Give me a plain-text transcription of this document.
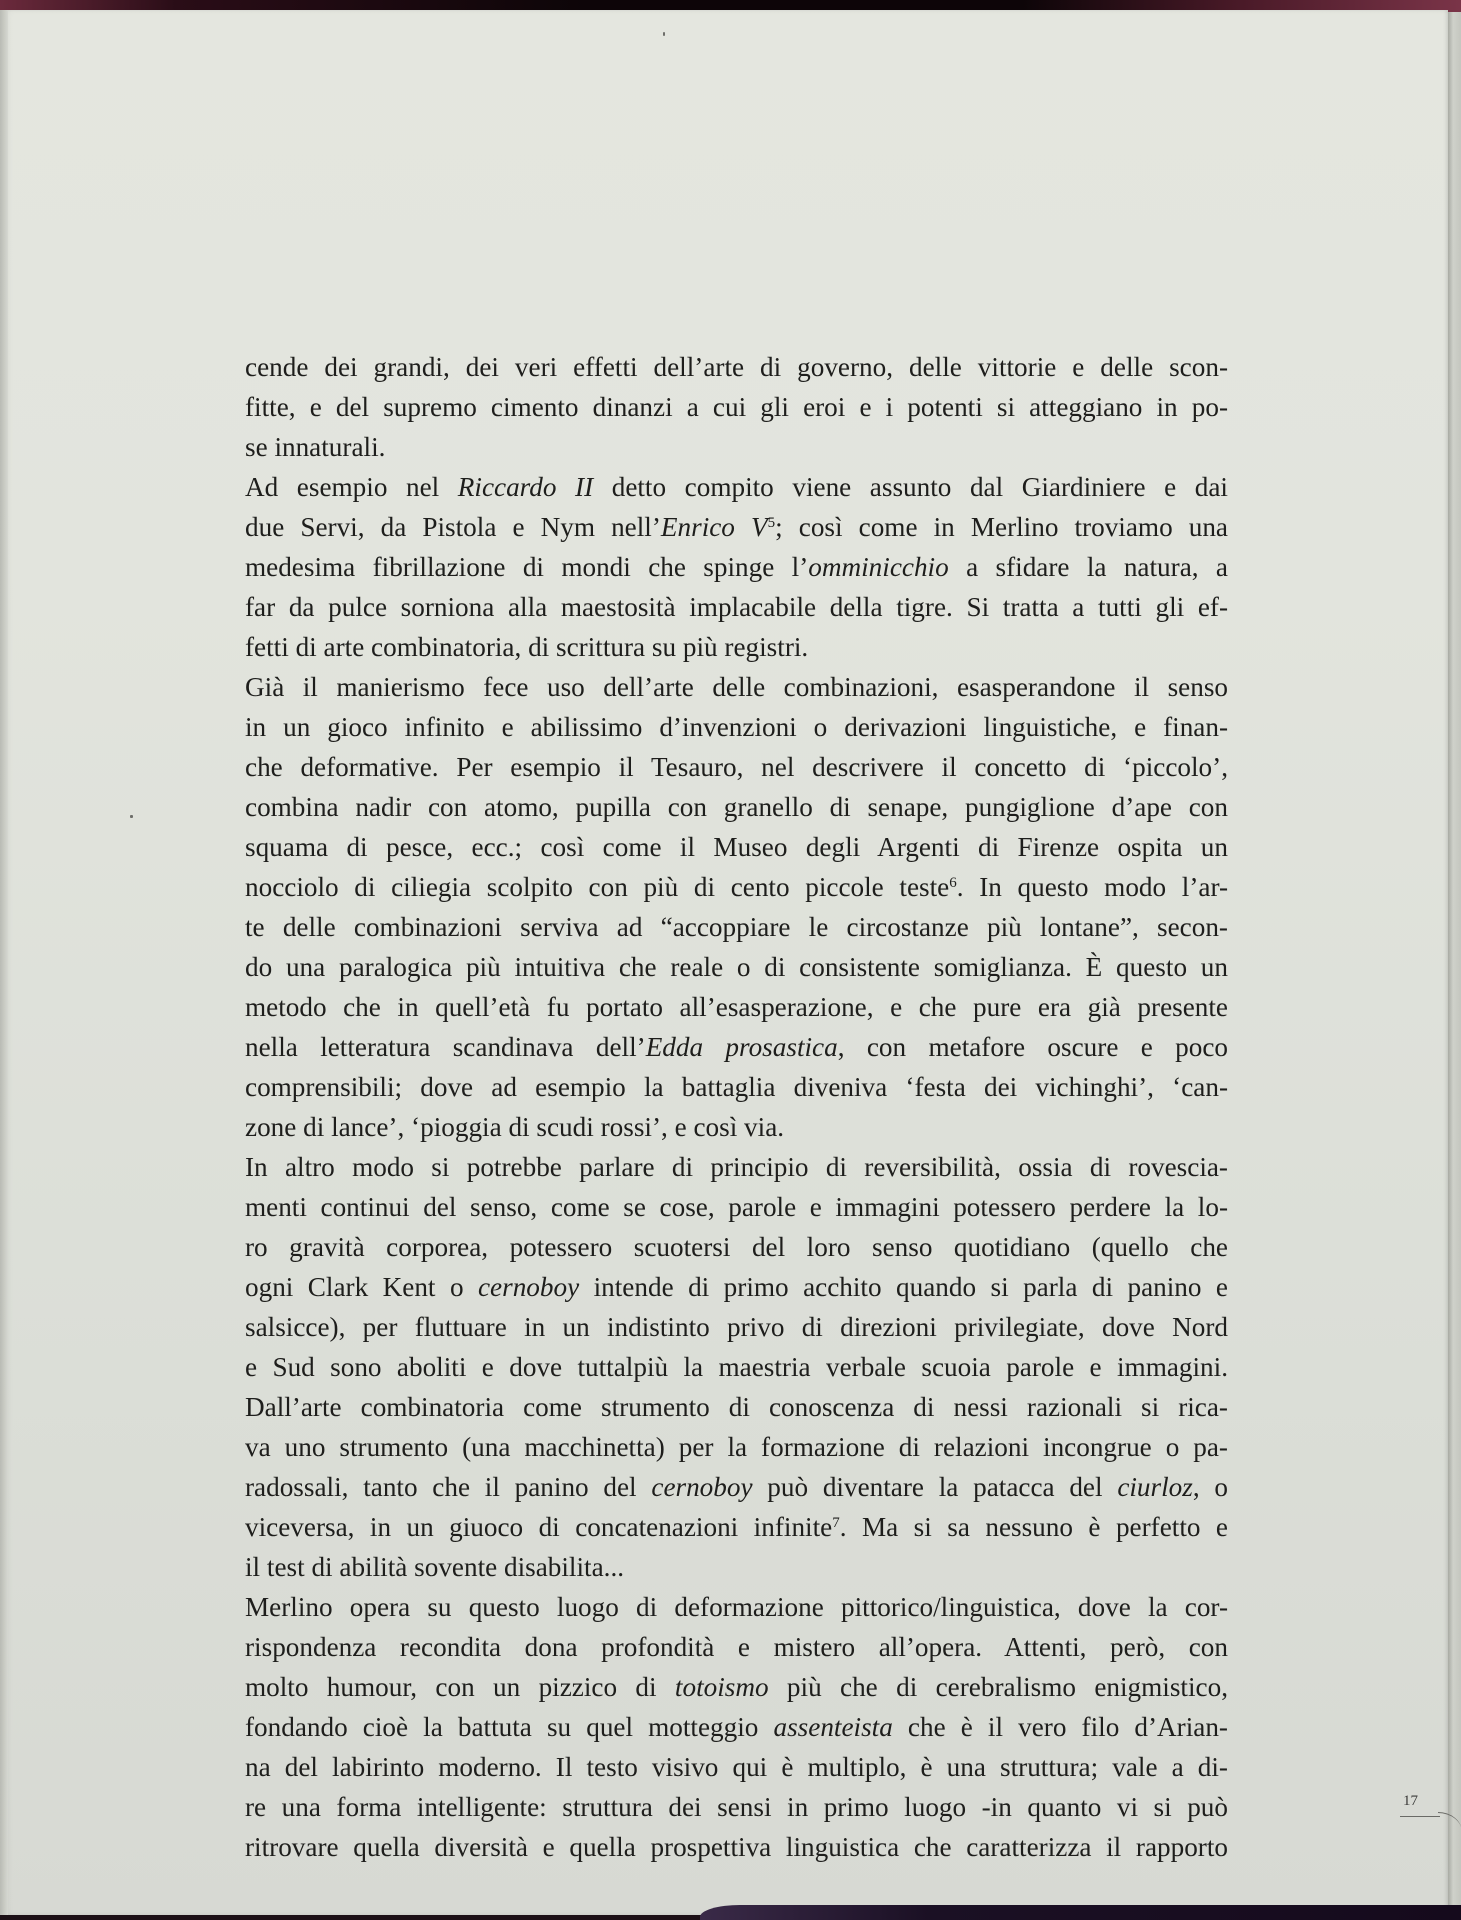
cende dei grandi, dei veri effetti dell’arte di governo, delle vittorie e delle scon-
fitte, e del supremo cimento dinanzi a cui gli eroi e i potenti si atteggiano in po-
se innaturali.
Ad esempio nel Riccardo II detto compito viene assunto dal Giardiniere e dai
due Servi, da Pistola e Nym nell’Enrico $V^5$; così come in Merlino troviamo una
medesima fibrillazione di mondi che spinge l’omminicchio a sfidare la natura, a
far da pulce sorniona alla maestosità implacabile della tigre. Si tratta a tutti gli ef-
fetti di arte combinatoria, di scrittura su più registri.
Già il manierismo fece uso dell’arte delle combinazioni, esasperandone il senso
in un gioco infinito e abilissimo d’invenzioni o derivazioni linguistiche, e finan-
che deformative. Per esempio il Tesauro, nel descrivere il concetto di ‘piccolo’,
combina nadir con atomo, pupilla con granello di senape, pungiglione d’ape con
squama di pesce, ecc.; così come il Museo degli Argenti di Firenze ospita un
nocciolo di ciliegia scolpito con più di cento piccole teste$^6$. In questo modo l’ar-
te delle combinazioni serviva ad “accoppiare le circostanze più lontane”, secon-
do una paralogica più intuitiva che reale o di consistente somiglianza. È questo un
metodo che in quell’età fu portato all’esasperazione, e che pure era già presente
nella letteratura scandinava dell’Edda prosastica, con metafore oscure e poco
comprensibili; dove ad esempio la battaglia diveniva ‘festa dei vichinghi’, ‘can-
zone di lance’, ‘pioggia di scudi rossi’, e così via.
In altro modo si potrebbe parlare di principio di reversibilità, ossia di rovescia-
menti continui del senso, come se cose, parole e immagini potessero perdere la lo-
ro gravità corporea, potessero scuotersi del loro senso quotidiano (quello che
ogni Clark Kent o cernoboy intende di primo acchito quando si parla di panino e
salsicce), per fluttuare in un indistinto privo di direzioni privilegiate, dove Nord
e Sud sono aboliti e dove tuttalpiù la maestria verbale scuoia parole e immagini.
Dall’arte combinatoria come strumento di conoscenza di nessi razionali si rica-
va uno strumento (una macchinetta) per la formazione di relazioni incongrue o pa-
radossali, tanto che il panino del cernoboy può diventare la patacca del ciurloz, o
viceversa, in un giuoco di concatenazioni infinite$^7$. Ma si sa nessuno è perfetto e
il test di abilità sovente disabilita...
Merlino opera su questo luogo di deformazione pittorico/linguistica, dove la cor-
rispondenza recondita dona profondità e mistero all’opera. Attenti, però, con
molto humour, con un pizzico di totoismo più che di cerebralismo enigmistico,
fondando cioè la battuta su quel motteggio assenteista che è il vero filo d’Arian-
na del labirinto moderno. Il testo visivo qui è multiplo, è una struttura; vale a di-
re una forma intelligente: struttura dei sensi in primo luogo -in quanto vi si può
ritrovare quella diversità e quella prospettiva linguistica che caratterizza il rapporto
17
